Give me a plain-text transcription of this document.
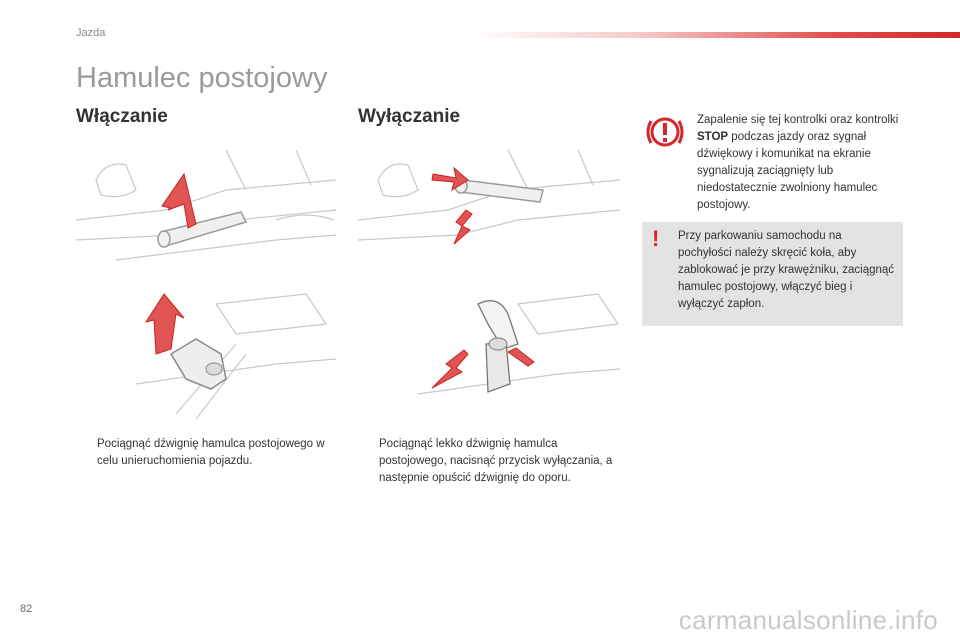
Jazda
Hamulec postojowy
Włączanie	Wyłączanie
Pociągnąć dźwignię hamulca postojowego w celu unieruchomienia pojazdu.
Pociągnąć lekko dźwignię hamulca postojowego, nacisnąć przycisk wyłączania, a następnie opuścić dźwignię do oporu.
Zapalenie się tej kontrolki oraz kontrolki STOP podczas jazdy oraz sygnał dźwiękowy i komunikat na ekranie sygnalizują zaciągnięty lub niedostatecznie zwolniony hamulec postojowy.
! Przy parkowaniu samochodu na pochyłości należy skręcić koła, aby zablokować je przy krawężniku, zaciągnąć hamulec postojowy, włączyć bieg i wyłączyć zapłon.
82	carmanualsonline.info
